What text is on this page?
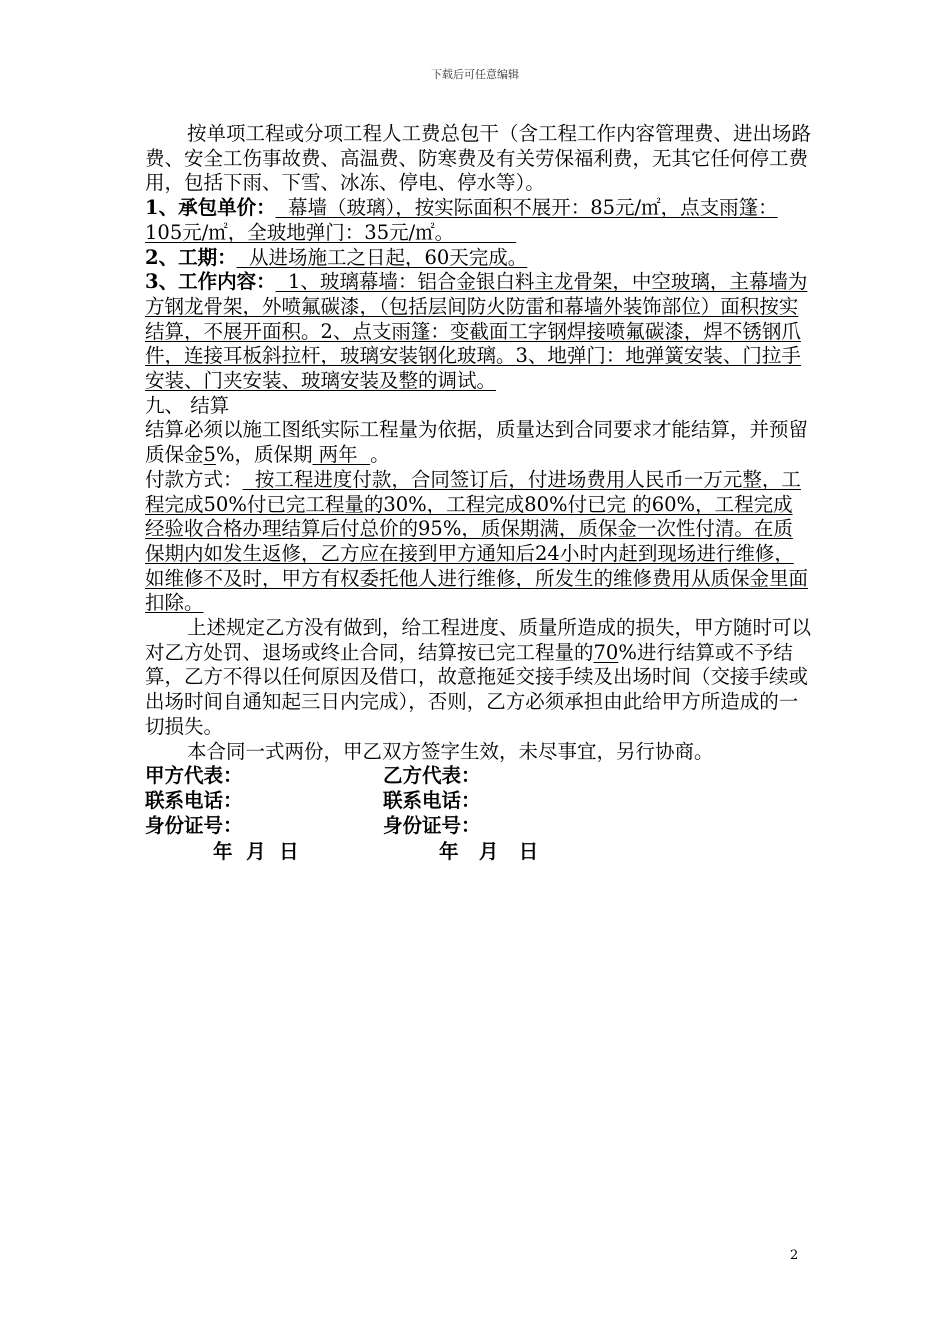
下载后可任意编辑

按单项工程或分项工程人工费总包干（含工程工作内容管理费、进出场路费、安全工伤事故费、高温费、防寒费及有关劳保福利费，无其它任何停工费用，包括下雨、下雪、冰冻、停电、停水等）。

1、承包单价：  幕墙（玻璃），按实际面积不展开：85元/㎡，点支雨篷：105元/㎡，全玻地弹门：35元/㎡。

2、工期：  从进场施工之日起，60天完成。

3、工作内容：  1、玻璃幕墙：铝合金银白料主龙骨架，中空玻璃，主幕墙为方钢龙骨架，外喷氟碳漆，（包括层间防火防雷和幕墙外装饰部位）面积按实结算，不展开面积。2、点支雨篷：变截面工字钢焊接喷氟碳漆，焊不锈钢爪件，连接耳板斜拉杆，玻璃安装钢化玻璃。3、地弹门：地弹簧安装、门拉手安装、门夹安装、玻璃安装及整的调试。

九、 结算

结算必须以施工图纸实际工程量为依据，质量达到合同要求才能结算，并预留质保金5%，质保期 两年  。

付款方式：  按工程进度付款，合同签订后，付进场费用人民币一万元整，工程完成50%付已完工程量的30%，工程完成80%付已完 的60%，工程完成经验收合格办理结算后付总价的95%，质保期满，质保金一次性付清。在质保期内如发生返修，乙方应在接到甲方通知后24小时内赶到现场进行维修，如维修不及时，甲方有权委托他人进行维修，所发生的维修费用从质保金里面扣除。

上述规定乙方没有做到，给工程进度、质量所造成的损失，甲方随时可以对乙方处罚、退场或终止合同，结算按已完工程量的70%进行结算或不予结算，乙方不得以任何原因及借口，故意拖延交接手续及出场时间（交接手续或出场时间自通知起三日内完成），否则，乙方必须承担由此给甲方所造成的一切损失。

本合同一式两份，甲乙双方签字生效，未尽事宜，另行协商。

甲方代表：	乙方代表：
联系电话：	联系电话：
身份证号：	身份证号：
年  月  日	年   月   日
2
